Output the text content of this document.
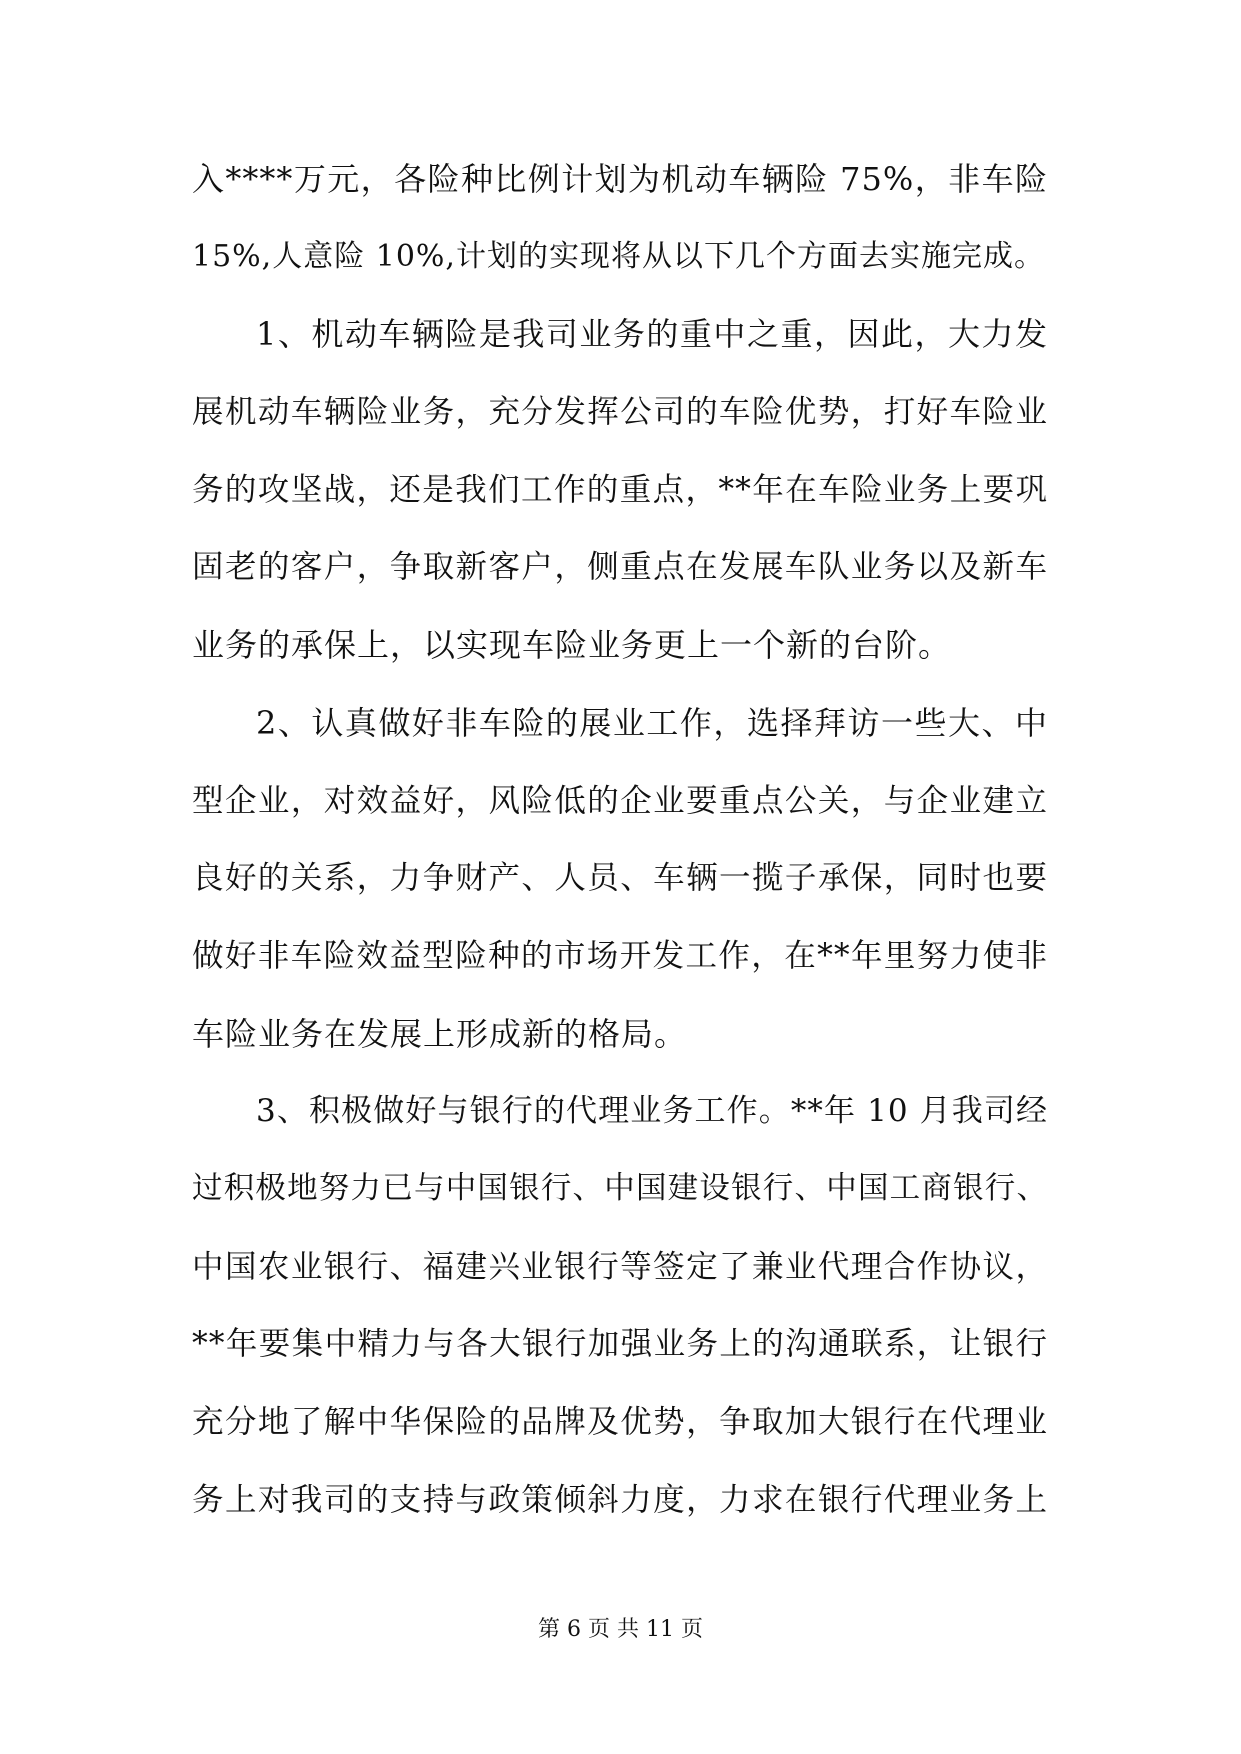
入****万元，各险种比例计划为机动车辆险 75%，非车险
15%,人意险 10%,计划的实现将从以下几个方面去实施完成。
1、机动车辆险是我司业务的重中之重，因此，大力发
展机动车辆险业务，充分发挥公司的车险优势，打好车险业
务的攻坚战，还是我们工作的重点，**年在车险业务上要巩
固老的客户，争取新客户，侧重点在发展车队业务以及新车
业务的承保上，以实现车险业务更上一个新的台阶。
2、认真做好非车险的展业工作，选择拜访一些大、中
型企业，对效益好，风险低的企业要重点公关，与企业建立
良好的关系，力争财产、人员、车辆一揽子承保，同时也要
做好非车险效益型险种的市场开发工作，在**年里努力使非
车险业务在发展上形成新的格局。
3、积极做好与银行的代理业务工作。**年 10 月我司经
过积极地努力已与中国银行、中国建设银行、中国工商银行、
中国农业银行、福建兴业银行等签定了兼业代理合作协议，
**年要集中精力与各大银行加强业务上的沟通联系，让银行
充分地了解中华保险的品牌及优势，争取加大银行在代理业
务上对我司的支持与政策倾斜力度，力求在银行代理业务上
第 6 页 共 11 页
